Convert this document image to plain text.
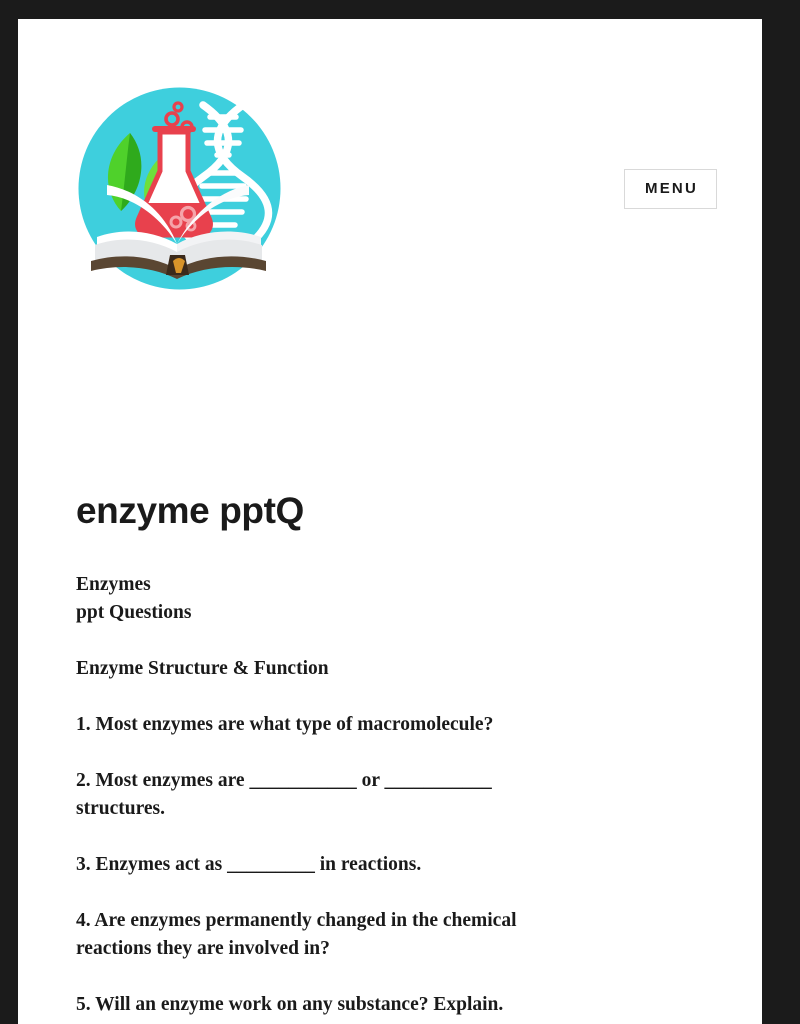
MENU
enzyme pptQ

Enzymes
ppt Questions

Enzyme Structure & Function

1. Most enzymes are what type of macromolecule?

2. Most enzymes are ___________ or ___________ structures.

3. Enzymes act as _________ in reactions.

4. Are enzymes permanently changed in the chemical reactions they are involved in?

5. Will an enzyme work on any substance? Explain.
